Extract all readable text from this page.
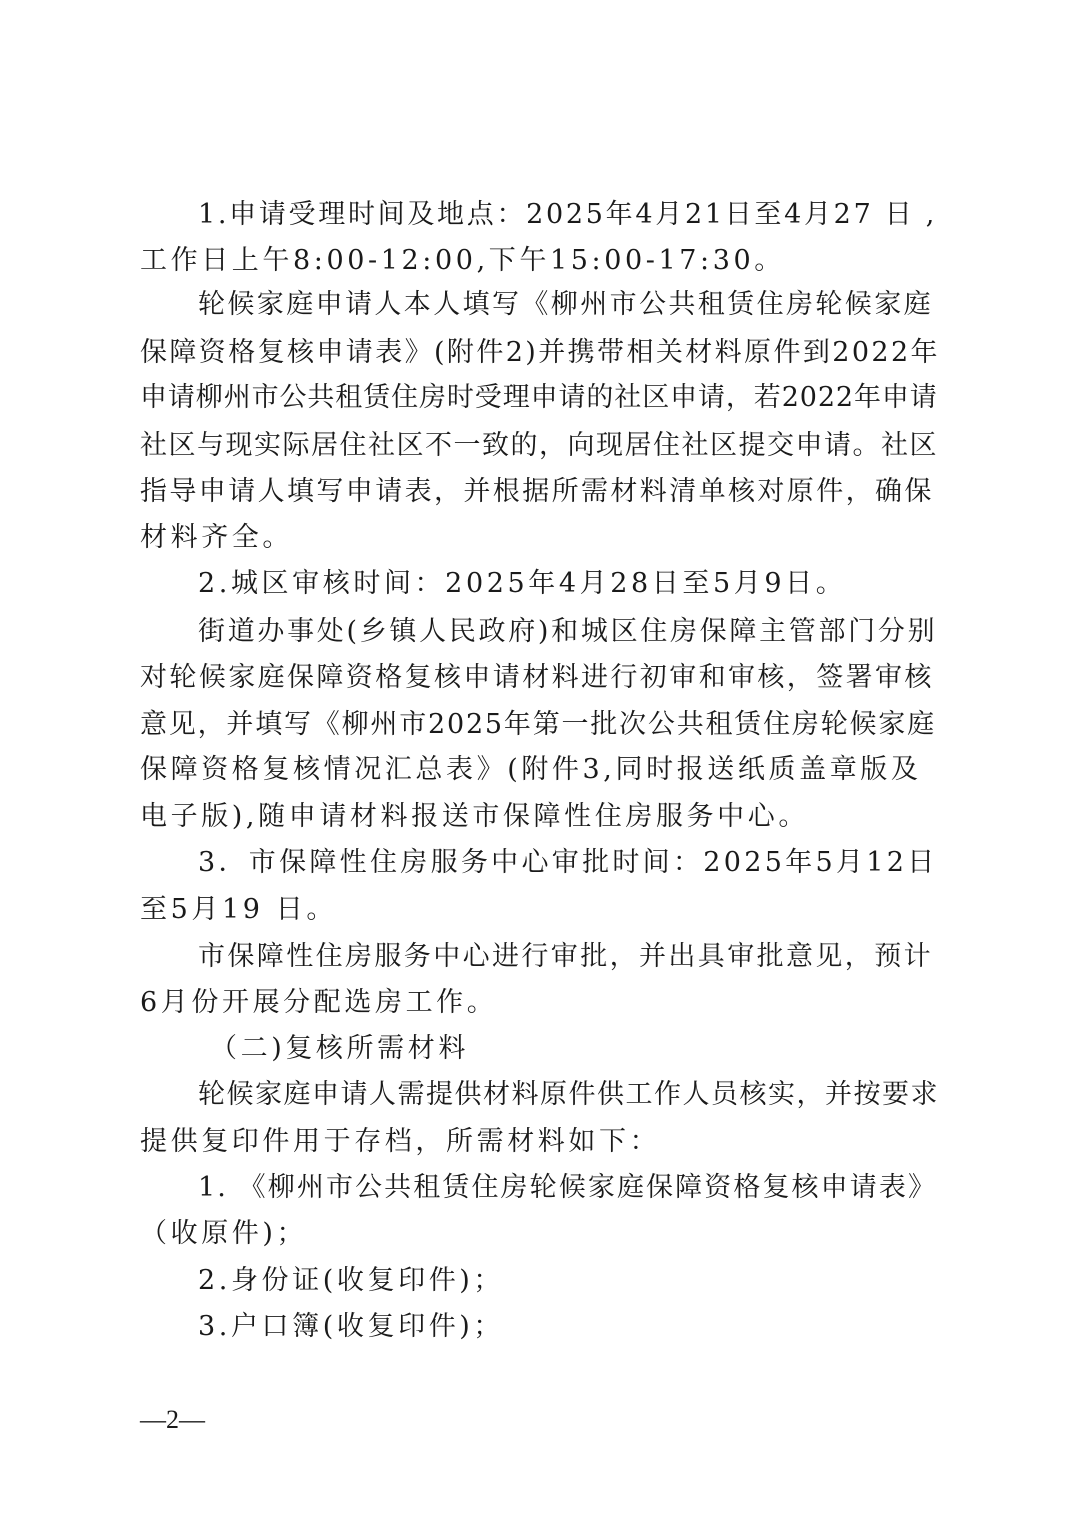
1.申请受理时间及地点：2025年4月21日至4月27 日 ,
工作日上午8:00-12:00,下午15:00-17:30。
轮候家庭申请人本人填写《柳州市公共租赁住房轮候家庭
保障资格复核申请表》(附件2)并携带相关材料原件到2022年
申请柳州市公共租赁住房时受理申请的社区申请，若2022年申请
社区与现实际居住社区不一致的，向现居住社区提交申请。社区
指导申请人填写申请表，并根据所需材料清单核对原件，确保
材料齐全。
2.城区审核时间：2025年4月28日至5月9日。
街道办事处(乡镇人民政府)和城区住房保障主管部门分别
对轮候家庭保障资格复核申请材料进行初审和审核，签署审核
意见，并填写《柳州市2025年第一批次公共租赁住房轮候家庭
保障资格复核情况汇总表》(附件3,同时报送纸质盖章版及
电子版),随申请材料报送市保障性住房服务中心。
3．市保障性住房服务中心审批时间：2025年5月12日
至5月19 日。
市保障性住房服务中心进行审批，并出具审批意见，预计
6月份开展分配选房工作。
（二)复核所需材料
轮候家庭申请人需提供材料原件供工作人员核实，并按要求
提供复印件用于存档，所需材料如下：
1. 《柳州市公共租赁住房轮候家庭保障资格复核申请表》
（收原件)；
2.身份证(收复印件)；
3.户口簿(收复印件)；
—2—
